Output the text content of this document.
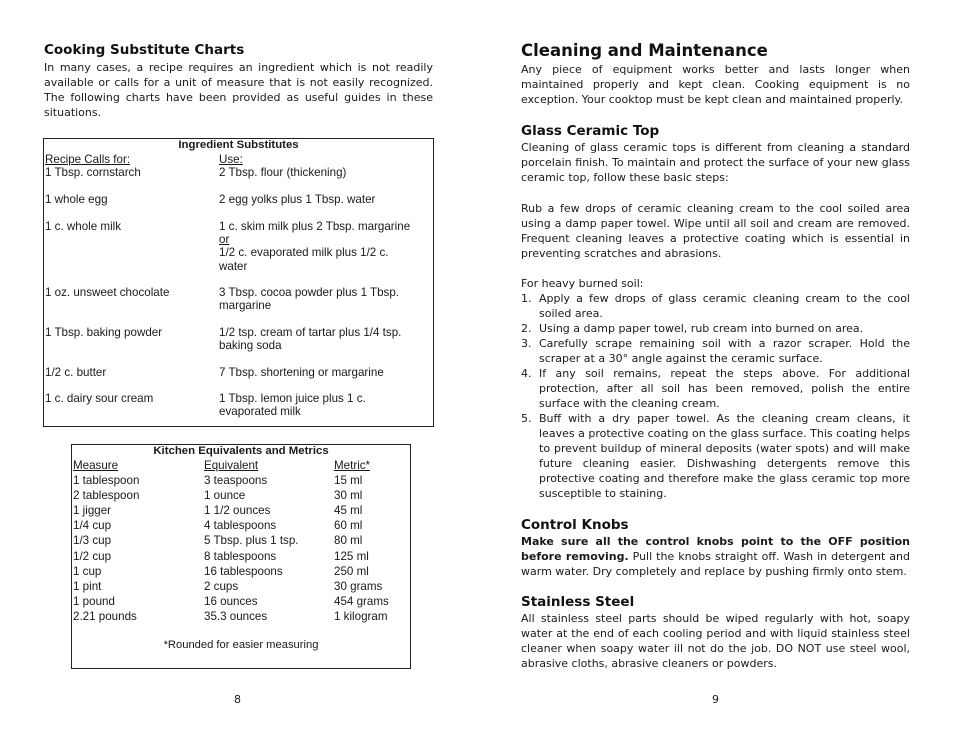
Cooking Substitute Charts

In many cases, a recipe requires an ingredient which is not readily available or calls for a unit of measure that is not easily recognized. The following charts have been provided as useful guides in these situations.

Ingredient Substitutes
Recipe Calls for:	Use:
1 Tbsp. cornstarch	2 Tbsp. flour (thickening)
1 whole egg	2 egg yolks plus 1 Tbsp. water
1 c. whole milk	1 c. skim milk plus 2 Tbsp. margarine
or
1/2 c. evaporated milk plus 1/2 c.
water
1 oz. unsweet chocolate	3 Tbsp. cocoa powder plus 1 Tbsp.
margarine
1 Tbsp. baking powder	1/2 tsp. cream of tartar plus 1/4 tsp.
baking soda
1/2 c. butter	7 Tbsp. shortening or margarine
1 c. dairy sour cream	1 Tbsp. lemon juice plus 1 c.
evaporated milk
Kitchen Equivalents and Metrics
Measure	Equivalent	Metric*
1 tablespoon	3 teaspoons	15 ml
2 tablespoon	1 ounce	30 ml
1 jigger	1 1/2 ounces	45 ml
1/4 cup	4 tablespoons	60 ml
1/3 cup	5 Tbsp. plus 1 tsp.	80 ml
1/2 cup	8 tablespoons	125 ml
1 cup	16 tablespoons	250 ml
1 pint	2 cups	30 grams
1 pound	16 ounces	454 grams
2.21 pounds	35.3 ounces	1 kilogram
*Rounded for easier measuring
8
Cleaning and Maintenance

Any piece of equipment works better and lasts longer when maintained properly and kept clean. Cooking equipment is no exception. Your cooktop must be kept clean and maintained properly.

Glass Ceramic Top

Cleaning of glass ceramic tops is different from cleaning a standard porcelain finish. To maintain and protect the surface of your new glass ceramic top, follow these basic steps:

Rub a few drops of ceramic cleaning cream to the cool soiled area using a damp paper towel. Wipe until all soil and cream are removed. Frequent cleaning leaves a protective coating which is essential in preventing scratches and abrasions.

For heavy burned soil:

1. Apply a few drops of glass ceramic cleaning cream to the cool soiled area.
2. Using a damp paper towel, rub cream into burned on area.
3. Carefully scrape remaining soil with a razor scraper. Hold the scraper at a 30° angle against the ceramic surface.
4. If any soil remains, repeat the steps above. For additional protection, after all soil has been removed, polish the entire surface with the cleaning cream.
5. Buff with a dry paper towel. As the cleaning cream cleans, it leaves a protective coating on the glass surface. This coating helps to prevent buildup of mineral deposits (water spots) and will make future cleaning easier. Dishwashing detergents remove this protective coating and therefore make the glass ceramic top more susceptible to staining.
Control Knobs

Make sure all the control knobs point to the OFF position before removing. Pull the knobs straight off. Wash in detergent and warm water. Dry completely and replace by pushing firmly onto stem.

Stainless Steel

All stainless steel parts should be wiped regularly with hot, soapy water at the end of each cooling period and with liquid stainless steel cleaner when soapy water ill not do the job. DO NOT use steel wool, abrasive cloths, abrasive cleaners or powders.

9
